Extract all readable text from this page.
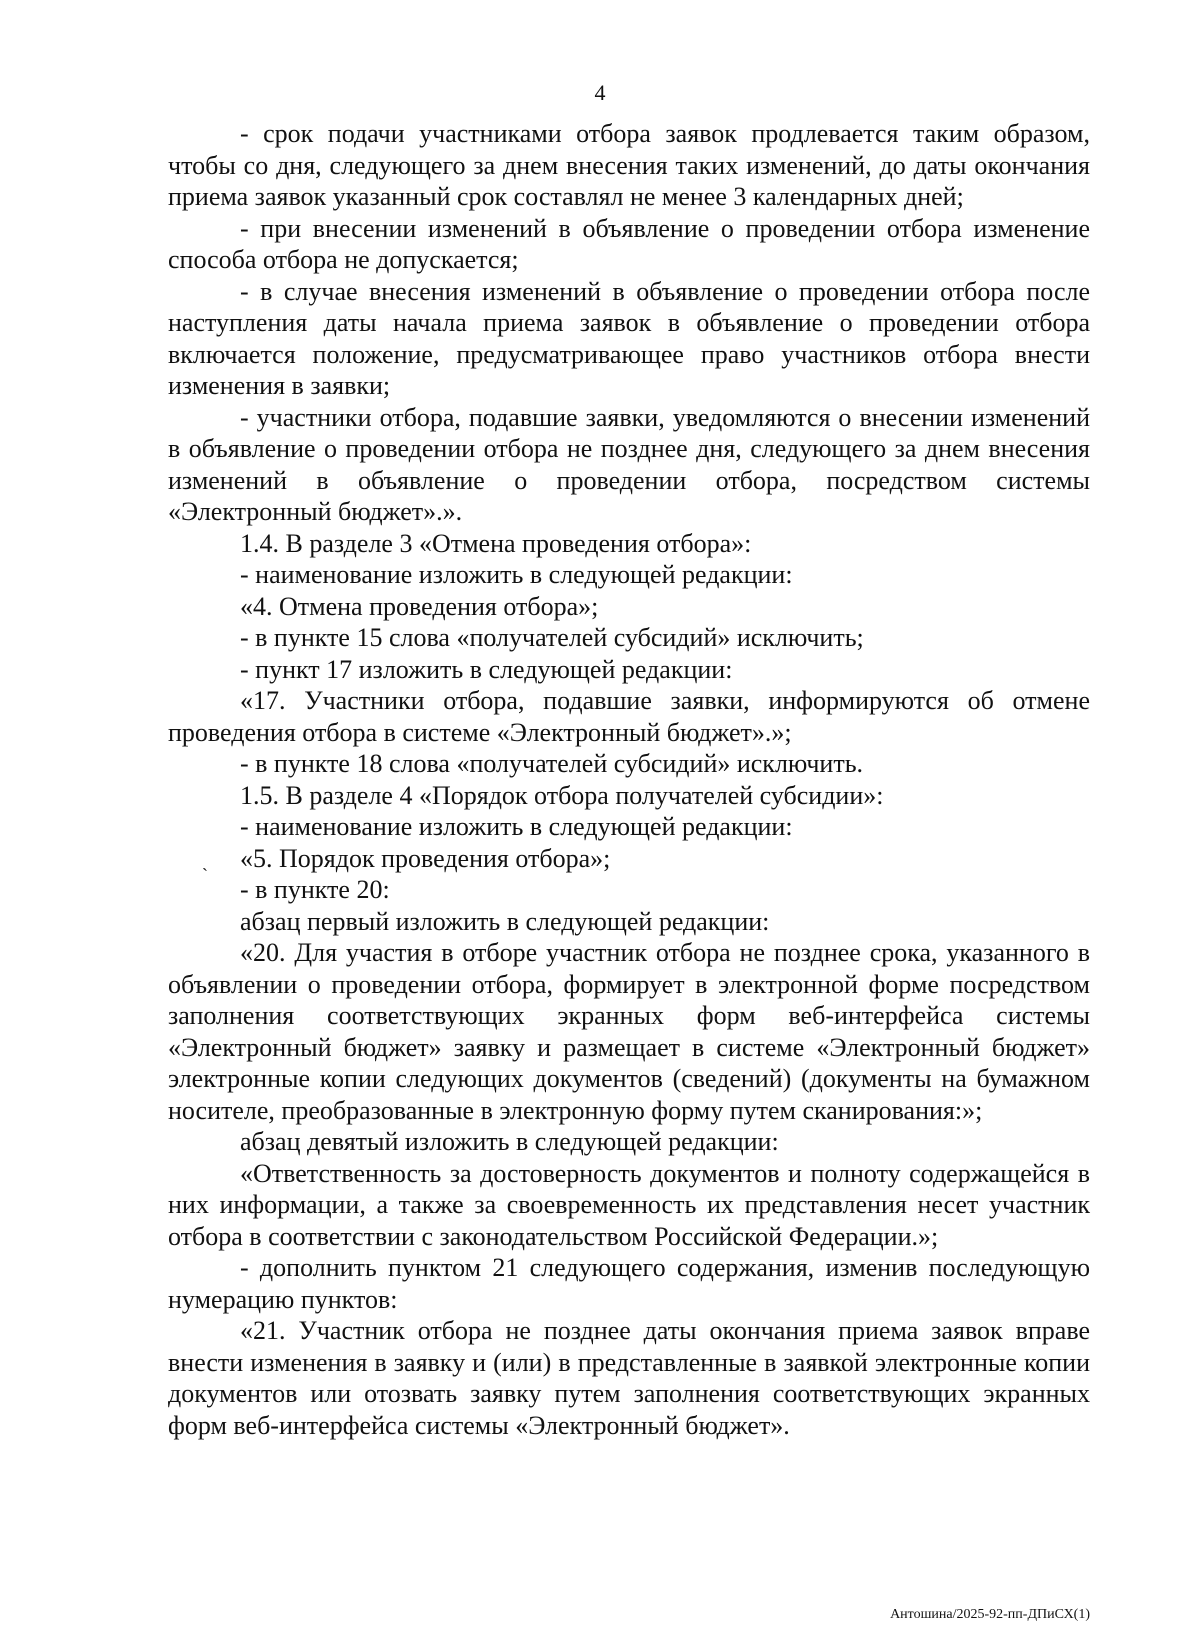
4
`

- срок подачи участниками отбора заявок продлевается таким образом, чтобы со дня, следующего за днем внесения таких изменений, до даты окончания приема заявок указанный срок составлял не менее 3 календарных дней;

- при внесении изменений в объявление о проведении отбора изменение способа отбора не допускается;

- в случае внесения изменений в объявление о проведении отбора после наступления даты начала приема заявок в объявление о проведении отбора включается положение, предусматривающее право участников отбора внести изменения в заявки;

- участники отбора, подавшие заявки, уведомляются о внесении изменений в объявление о проведении отбора не позднее дня, следующего за днем внесения изменений в объявление о проведении отбора, посредством системы «Электронный бюджет».».

1.4. В разделе 3 «Отмена проведения отбора»:

- наименование изложить в следующей редакции:

«4. Отмена проведения отбора»;

- в пункте 15 слова «получателей субсидий» исключить;

- пункт 17 изложить в следующей редакции:

«17. Участники отбора, подавшие заявки, информируются об отмене проведения отбора в системе «Электронный бюджет».»;

- в пункте 18 слова «получателей субсидий» исключить.

1.5. В разделе 4 «Порядок отбора получателей субсидии»:

- наименование изложить в следующей редакции:

«5. Порядок проведения отбора»;

- в пункте 20:

абзац первый изложить в следующей редакции:

«20. Для участия в отборе участник отбора не позднее срока, указанного в объявлении о проведении отбора, формирует в электронной форме посредством заполнения соответствующих экранных форм веб-интерфейса системы «Электронный бюджет» заявку и размещает в системе «Электронный бюджет» электронные копии следующих документов (сведений) (документы на бумажном носителе, преобразованные в электронную форму путем сканирования:»;

абзац девятый изложить в следующей редакции:

«Ответственность за достоверность документов и полноту содержащейся в них информации, а также за своевременность их представления несет участник отбора в соответствии с законодательством Российской Федерации.»;

- дополнить пунктом 21 следующего содержания, изменив последующую нумерацию пунктов:

«21. Участник отбора не позднее даты окончания приема заявок вправе внести изменения в заявку и (или) в представленные в заявкой электронные копии документов или отозвать заявку путем заполнения соответствующих экранных форм веб-интерфейса системы «Электронный бюджет».

Антошина/2025-92-пп-ДПиСХ(1)
